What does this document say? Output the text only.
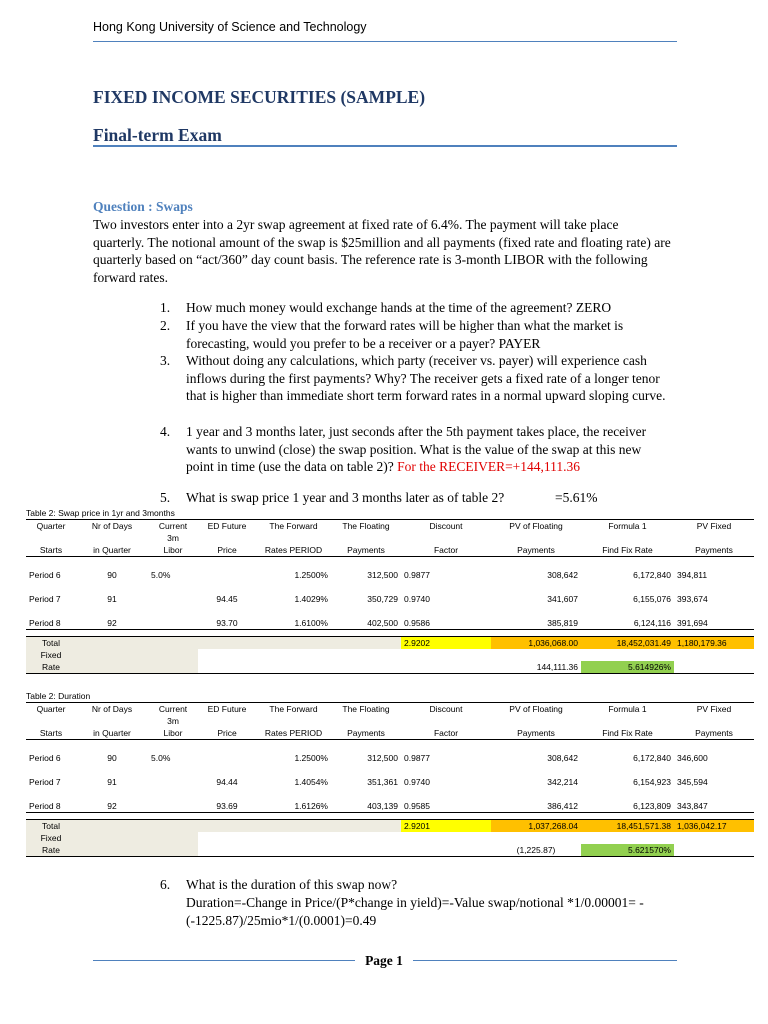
Hong Kong University of Science and Technology
FIXED INCOME SECURITIES (SAMPLE)
Final-term Exam
Question : Swaps
Two investors enter into a 2yr swap agreement at fixed rate of 6.4%. The payment will take place quarterly. The notional amount of the swap is $25million and all payments (fixed rate and floating rate) are quarterly based on “act/360” day count basis. The reference rate is 3-month LIBOR with the following forward rates.
1.	How much money would exchange hands at the time of the agreement? ZERO
2.	If you have the view that the forward rates will be higher than what the market is forecasting, would you prefer to be a receiver or a payer? PAYER
3.	Without doing any calculations, which party (receiver vs. payer) will experience cash inflows during the first payments? Why? The receiver gets a fixed rate of a longer tenor that is higher than immediate short term forward rates in a normal upward sloping curve.
4.	1 year and 3 months later, just seconds after the 5th payment takes place, the receiver wants to unwind (close) the swap position. What is the value of the swap at this new point in time (use the data on table 2)? For the RECEIVER=+144,111.36
5.	What is swap price 1 year and 3 months later as of table 2?	=5.61%
Table 2: Swap price in 1yr and 3months
Quarter	Nr of Days	Current	ED Future	The Forward	The Floating	Discount	PV of Floating	Formula 1	PV Fixed
		3m							
Starts	in Quarter	Libor	Price	Rates PERIOD	Payments	Factor	Payments	Find Fix Rate	Payments

Period 6	90	5.0%		1.2500%	312,500	0.9877	308,642	6,172,840	394,811

Period 7	91		94.45	1.4029%	350,729	0.9740	341,607	6,155,076	393,674

Period 8	92		93.70	1.6100%	402,500	0.9586	385,819	6,124,116	391,694

Total						2.9202	1,036,068.00	18,452,031.49	1,180,179.36
Fixed									
Rate							144,111.36	5.614926%	
Table 2: Duration
Quarter	Nr of Days	Current	ED Future	The Forward	The Floating	Discount	PV of Floating	Formula 1	PV Fixed
		3m							
Starts	in Quarter	Libor	Price	Rates PERIOD	Payments	Factor	Payments	Find Fix Rate	Payments

Period 6	90	5.0%		1.2500%	312,500	0.9877	308,642	6,172,840	346,600

Period 7	91		94.44	1.4054%	351,361	0.9740	342,214	6,154,923	345,594

Period 8	92		93.69	1.6126%	403,139	0.9585	386,412	6,123,809	343,847

Total						2.9201	1,037,268.04	18,451,571.38	1,036,042.17
Fixed									
Rate							(1,225.87)	5.621570%	
6.	What is the duration of this swap now?
Duration=-Change in Price/(P*change in yield)=-Value swap/notional *1/0.00001= -(-1225.87)/25mio*1/(0.0001)=0.49
Page 1
